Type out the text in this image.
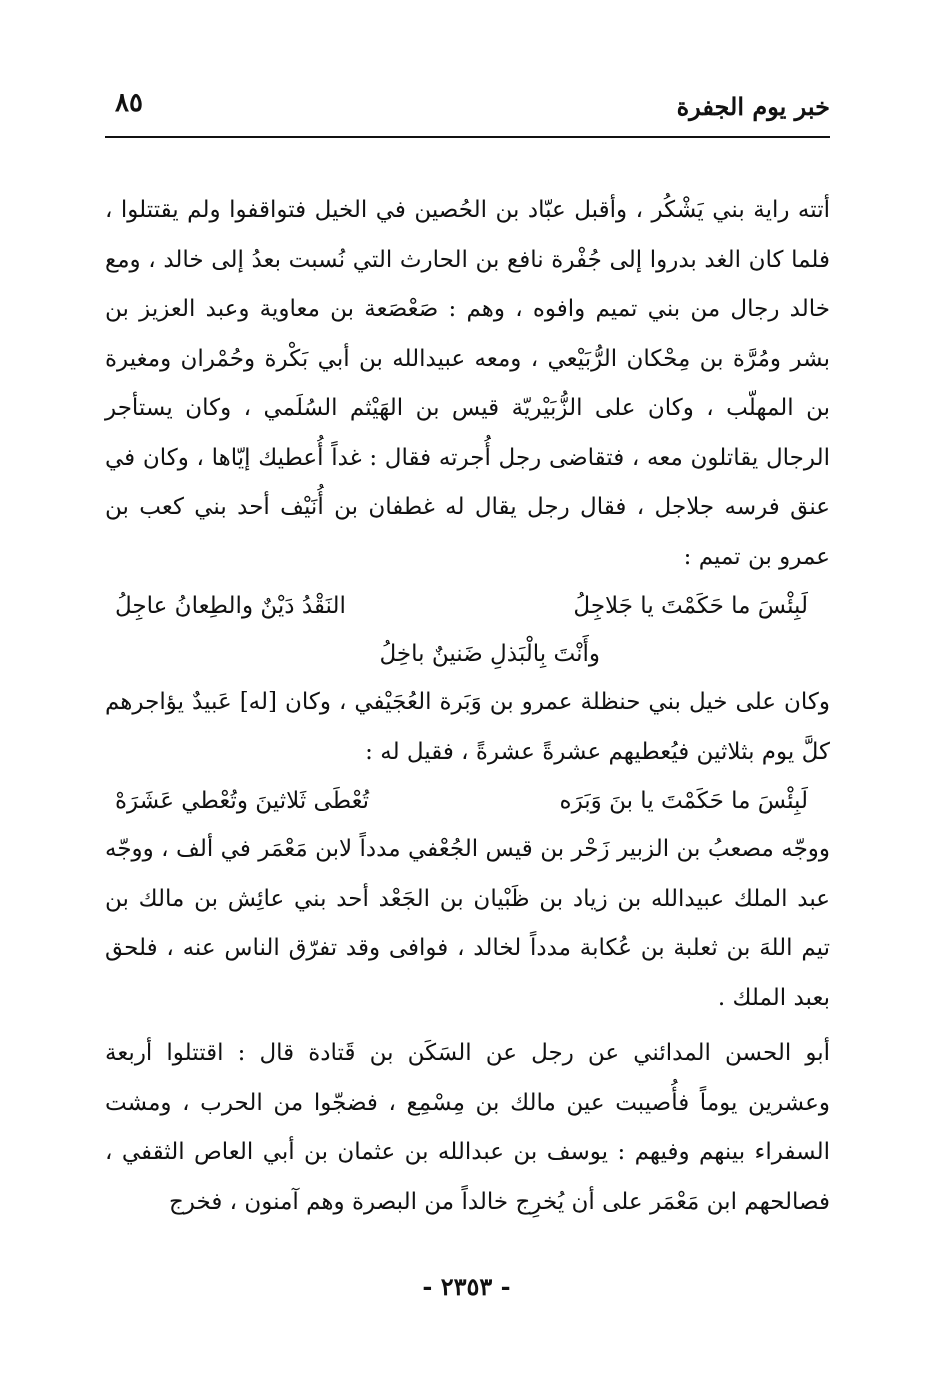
خبر يوم الجفرة
٨٥

أتته راية بني يَشْكُر ، وأقبل عبّاد بن الحُصين في الخيل فتواقفوا ولم يقتتلوا ، فلما كان الغد بدروا إلى جُفْرة نافع بن الحارث التي نُسبت بعدُ إلى خالد ، ومع خالد رجال من بني تميم وافوه ، وهم : صَعْصَعة بن معاوية وعبد العزيز بن بشر ومُرَّة بن مِحْكان الرُّبَيْعي ، ومعه عبيدالله بن أبي بَكْرة وحُمْران ومغيرة بن المهلّب ، وكان على الزُّبَيْريّة قيس بن الهَيْثم السُلَمي ، وكان يستأجر الرجال يقاتلون معه ، فتقاضى رجل أُجرته فقال : غداً أُعطيك إيّاها ، وكان في عنق فرسه جلاجل ، فقال رجل يقال له غطفان بن أُنَيْف أحد بني كعب بن عمرو بن تميم :

لَبِئْسَ ما حَكَمْتَ يا جَلاجِلُ
النَقْدُ دَيْنٌ والطِعانُ عاجِلُ
وأَنْتَ بِالْبَذلِ ضَنينٌ باخِلُ

وكان على خيل بني حنظلة عمرو بن وَبَرة العُجَيْفي ، وكان [له] عَبيدٌ يؤاجرهم كلَّ يوم بثلاثين فيُعطيهم عشرةً عشرةً ، فقيل له :

لَبِئْسَ ما حَكَمْتَ يا بنَ وَبَرَه
تُعْطَى ثَلاثينَ وتُعْطي عَشَرَهْ

ووجّه مصعبُ بن الزبير زَحْر بن قيس الجُعْفي مدداً لابن مَعْمَر في ألف ، ووجّه عبد الملك عبيدالله بن زياد بن ظَبْيان بن الجَعْد أحد بني عائِش بن مالك بن تيم اللهَ بن ثعلبة بن عُكابة مدداً لخالد ، فوافى وقد تفرّق الناس عنه ، فلحق بعبد الملك .

أبو الحسن المدائني عن رجل عن السَكَن بن قَتادة قال : اقتتلوا أربعة وعشرين يوماً فأُصيبت عين مالك بن مِسْمِع ، فضجّوا من الحرب ، ومشت السفراء بينهم وفيهم : يوسف بن عبدالله بن عثمان بن أبي العاص الثقفي ، فصالحهم ابن مَعْمَر على أن يُخرِج خالداً من البصرة وهم آمنون ، فخرج

- ٢٣٥٣ -
